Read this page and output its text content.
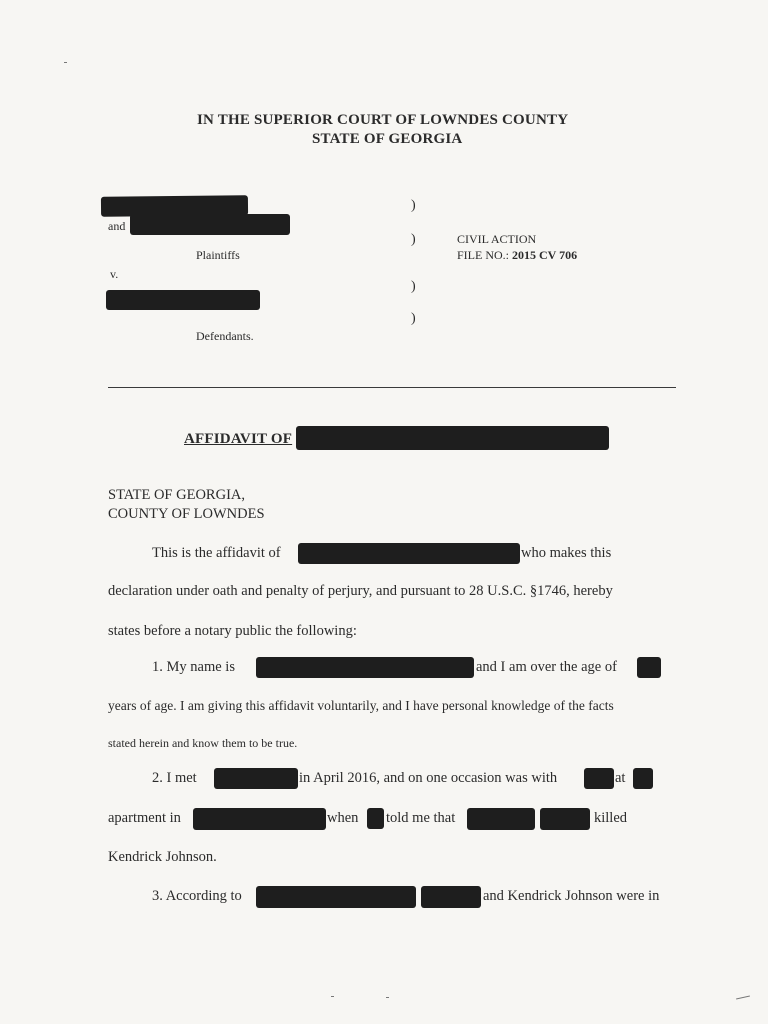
IN THE SUPERIOR COURT OF LOWNDES COUNTY
STATE OF GEORGIA
and
Plaintiffs
v.
Defendants.
)
)
)
)
CIVIL ACTION
FILE NO.: 2015 CV 706
AFFIDAVIT OF
STATE OF GEORGIA,
COUNTY OF LOWNDES
This is the affidavit of	who makes this
declaration under oath and penalty of perjury, and pursuant to 28 U.S.C. §1746, hereby
states before a notary public the following:
1. My name is	and I am over the age of
years of age. I am giving this affidavit voluntarily, and I have personal knowledge of the facts
stated herein and know them to be true.
2. I met	in April 2016, and on one occasion was with	at
apartment in	when told me that	killed
Kendrick Johnson.
3. According to	and Kendrick Johnson were in
